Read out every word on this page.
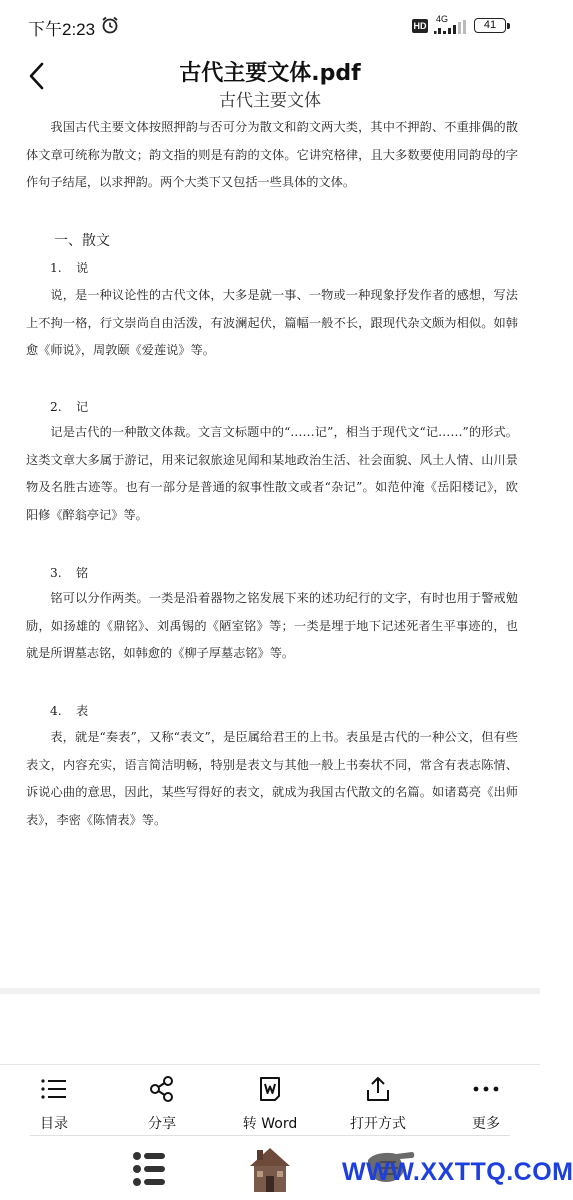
下午2:23	HD
4G	41
古代主要文体.pdf
古代主要文体

我国古代主要文体按照押韵与否可分为散文和韵文两大类，其中不押韵、不重排偶的散体文章可统称为散文；韵文指的则是有韵的文体。它讲究格律，且大多数要使用同韵母的字作句子结尾，以求押韵。两个大类下又包括一些具体的文体。

一、散文
1. 说

说，是一种议论性的古代文体，大多是就一事、一物或一种现象抒发作者的感想，写法上不拘一格，行文崇尚自由活泼，有波澜起伏，篇幅一般不长，跟现代杂文颇为相似。如韩愈《师说》，周敦颐《爱莲说》等。

2. 记

记是古代的一种散文体裁。文言文标题中的“……记”，相当于现代文“记……”的形式。这类文章大多属于游记，用来记叙旅途见闻和某地政治生活、社会面貌、风土人情、山川景物及名胜古迹等。也有一部分是普通的叙事性散文或者“杂记”。如范仲淹《岳阳楼记》，欧阳修《醉翁亭记》等。

3. 铭

铭可以分作两类。一类是沿着器物之铭发展下来的述功纪行的文字，有时也用于警戒勉励，如扬雄的《鼎铭》、刘禹锡的《陋室铭》等；一类是埋于地下记述死者生平事迹的，也就是所谓墓志铭，如韩愈的《柳子厚墓志铭》等。

4. 表

表，就是“奏表”，又称“表文”，是臣属给君王的上书。表虽是古代的一种公文，但有些表文，内容充实，语言简洁明畅，特别是表文与其他一般上书奏状不同，常含有表志陈情、诉说心曲的意思，因此，某些写得好的表文，就成为我国古代散文的名篇。如诸葛亮《出师表》，李密《陈情表》等。

目录	分享	转 Word	打开方式	更多
WWW.XXTTQ.COM
